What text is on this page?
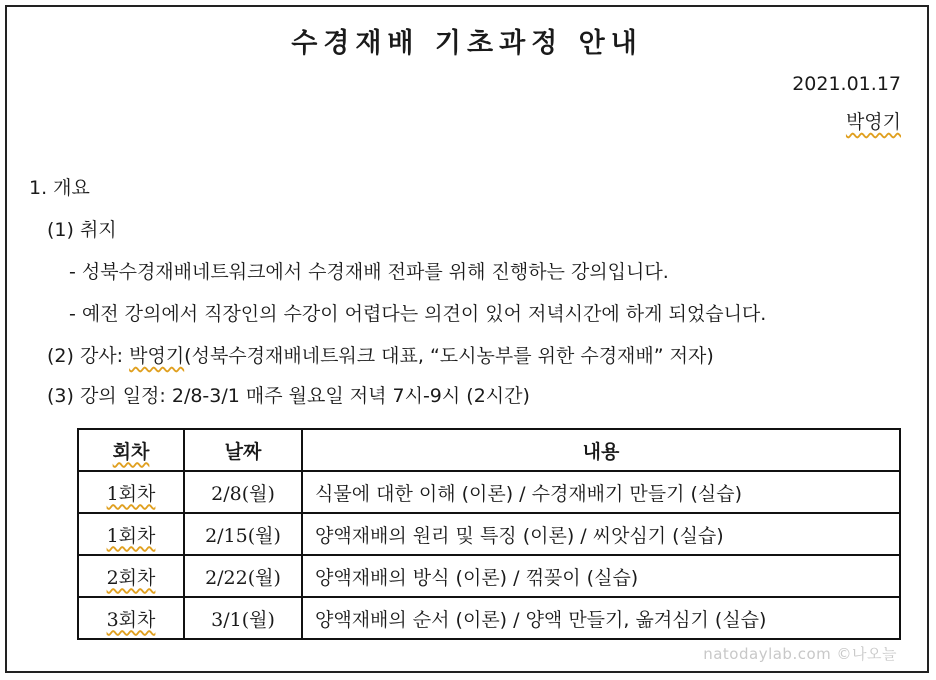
수경재배 기초과정 안내
2021.01.17
박영기
1. 개요
(1) 취지
- 성북수경재배네트워크에서 수경재배 전파를 위해 진행하는 강의입니다.
- 예전 강의에서 직장인의 수강이 어렵다는 의견이 있어 저녁시간에 하게 되었습니다.
(2) 강사: 박영기(성북수경재배네트워크 대표, “도시농부를 위한 수경재배” 저자)
(3) 강의 일정: 2/8-3/1 매주 월요일 저녁 7시-9시 (2시간)
회차	날짜	내용
1회차	2/8(월)	식물에 대한 이해 (이론) / 수경재배기 만들기 (실습)
1회차	2/15(월)	양액재배의 원리 및 특징 (이론) / 씨앗심기 (실습)
2회차	2/22(월)	양액재배의 방식 (이론) / 꺾꽂이 (실습)
3회차	3/1(월)	양액재배의 순서 (이론) / 양액 만들기, 옮겨심기 (실습)
natodaylab.com ©나오늘
